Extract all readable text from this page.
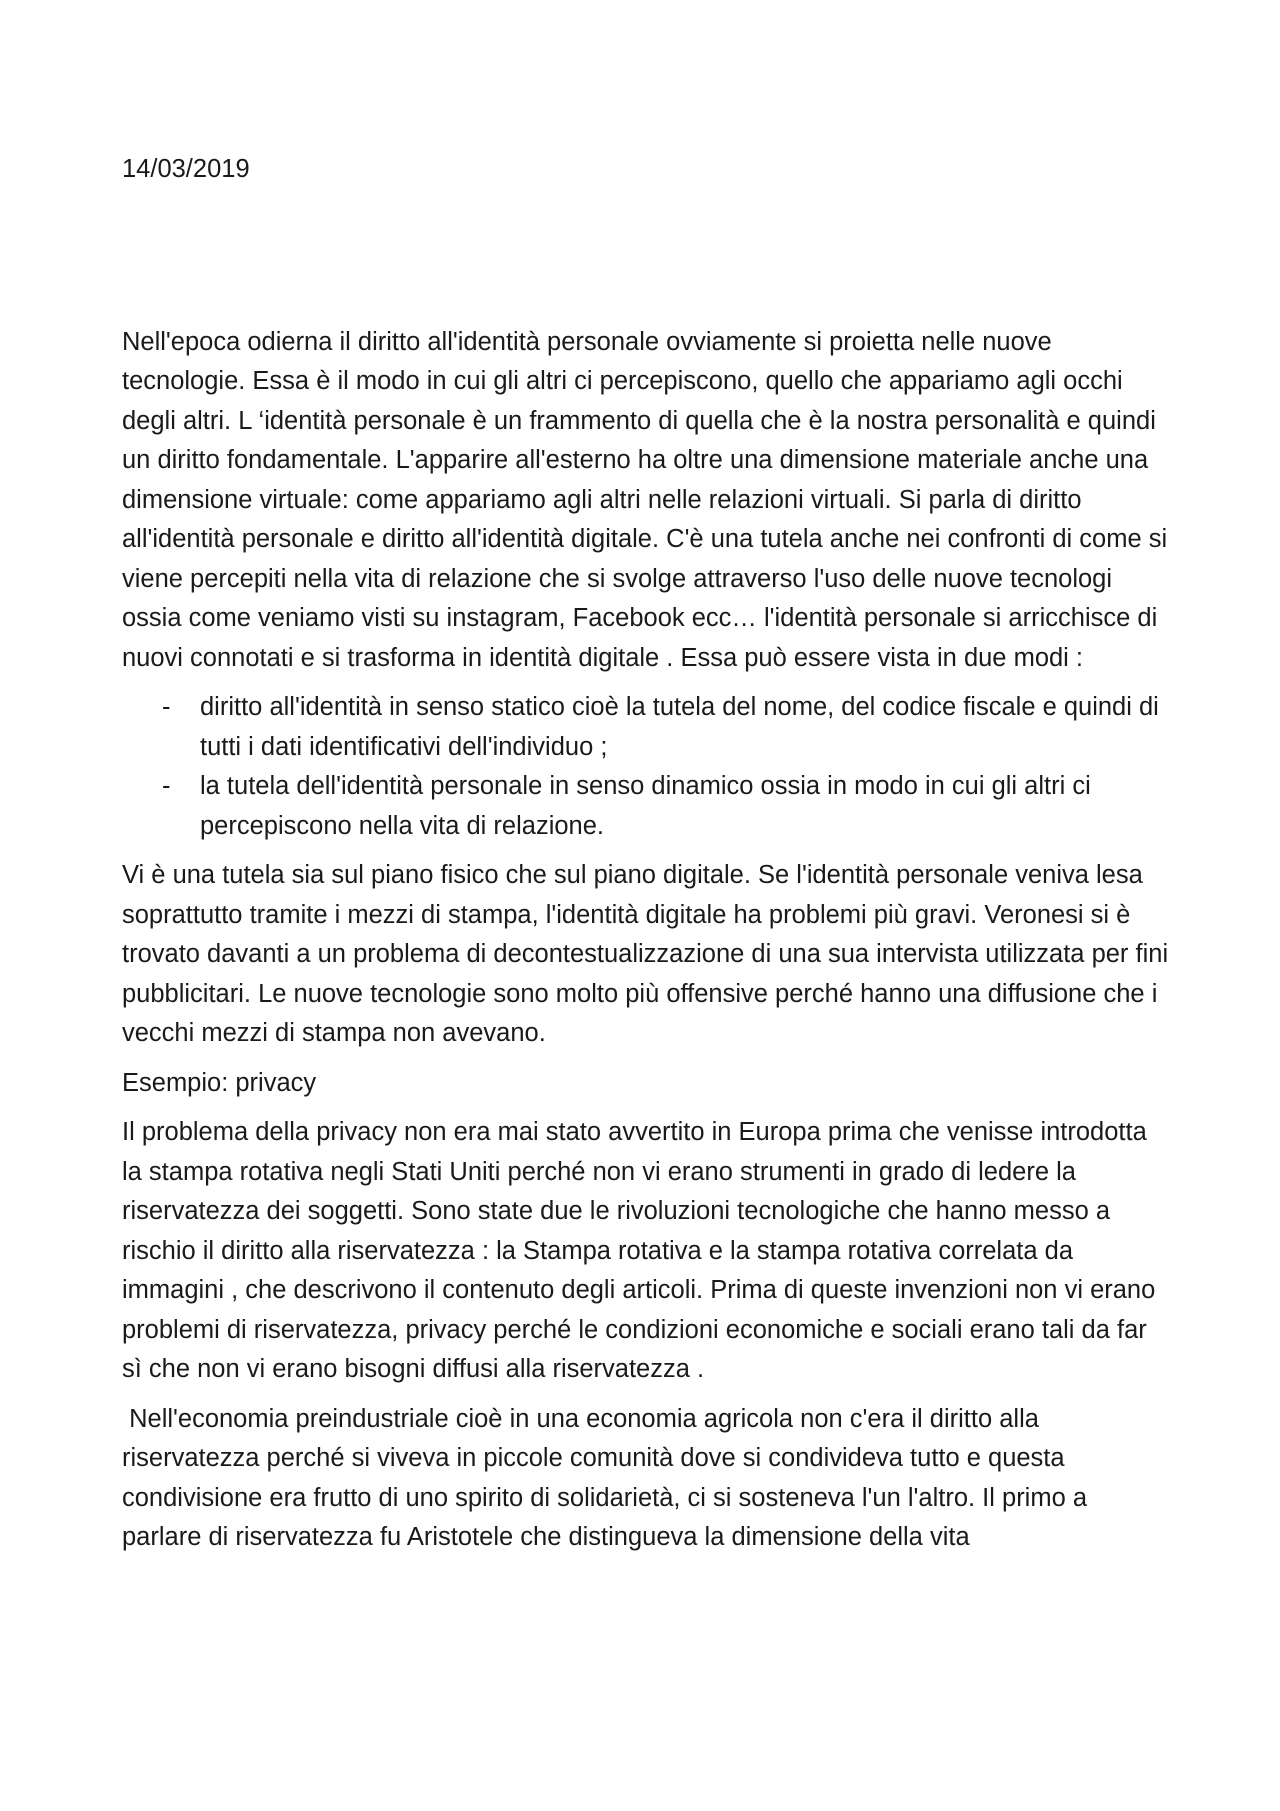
14/03/2019

Nell'epoca odierna il diritto all'identità personale ovviamente si proietta nelle nuove tecnologie. Essa è il modo in cui gli altri ci percepiscono, quello che appariamo agli occhi degli altri. L ‘identità personale è un frammento di quella che è la nostra personalità e quindi un diritto fondamentale. L'apparire all'esterno ha oltre una dimensione materiale anche una dimensione virtuale: come appariamo agli altri nelle relazioni virtuali. Si parla di diritto all'identità personale e diritto all'identità digitale. C'è una tutela anche nei confronti di come si viene percepiti nella vita di relazione che si svolge attraverso l'uso delle nuove tecnologi ossia come veniamo visti su instagram, Facebook ecc… l'identità personale si arricchisce di nuovi connotati e si trasforma in identità digitale . Essa può essere vista in due modi :

- diritto all'identità in senso statico cioè la tutela del nome, del codice fiscale e quindi di tutti i dati identificativi dell'individuo ;
- la tutela dell'identità personale in senso dinamico ossia in modo in cui gli altri ci percepiscono nella vita di relazione.

Vi è una tutela sia sul piano fisico che sul piano digitale. Se l'identità personale veniva lesa soprattutto tramite i mezzi di stampa, l'identità digitale ha problemi più gravi. Veronesi si è trovato davanti a un problema di decontestualizzazione di una sua intervista utilizzata per fini pubblicitari. Le nuove tecnologie sono molto più offensive perché hanno una diffusione che i vecchi mezzi di stampa non avevano.

Esempio: privacy

Il problema della privacy non era mai stato avvertito in Europa prima che venisse introdotta la stampa rotativa negli Stati Uniti perché non vi erano strumenti in grado di ledere la riservatezza dei soggetti. Sono state due le rivoluzioni tecnologiche che hanno messo a rischio il diritto alla riservatezza : la Stampa rotativa e la stampa rotativa correlata da immagini , che descrivono il contenuto degli articoli. Prima di queste invenzioni non vi erano problemi di riservatezza, privacy perché le condizioni economiche e sociali erano tali da far sì che non vi erano bisogni diffusi alla riservatezza .

Nell'economia preindustriale cioè in una economia agricola non c'era il diritto alla riservatezza perché si viveva in piccole comunità dove si condivideva tutto e questa condivisione era frutto di uno spirito di solidarietà, ci si sosteneva l'un l'altro. Il primo a parlare di riservatezza fu Aristotele che distingueva la dimensione della vita
